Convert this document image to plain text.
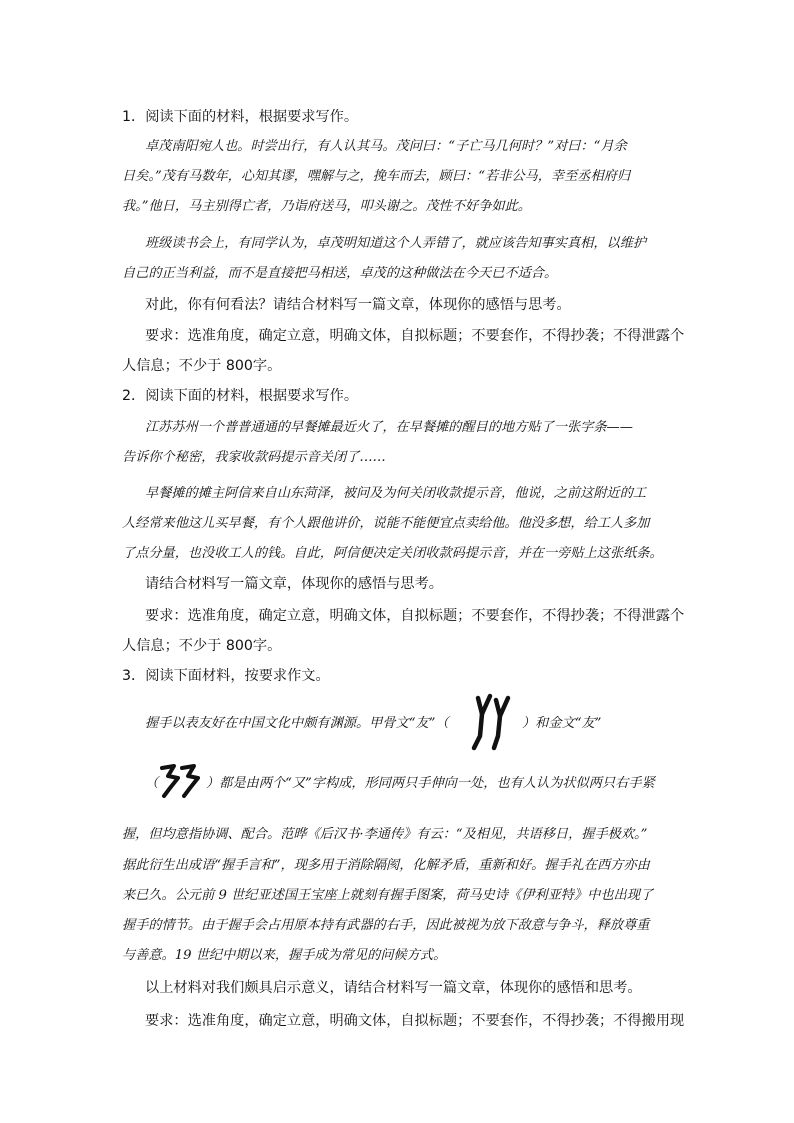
1．阅读下面的材料，根据要求写作。

卓茂南阳宛人也。时尝出行，有人认其马。茂问曰：“子亡马几何时？”对曰：“月余

日矣。”茂有马数年，心知其谬，嘿解与之，挽车而去，顾曰：“若非公马，幸至丞相府归

我。”他日，马主别得亡者，乃诣府送马，叩头谢之。茂性不好争如此。

班级读书会上，有同学认为，卓茂明知道这个人弄错了，就应该告知事实真相，以维护

自己的正当利益，而不是直接把马相送，卓茂的这种做法在今天已不适合。

对此，你有何看法？请结合材料写一篇文章，体现你的感悟与思考。

要求：选准角度，确定立意，明确文体，自拟标题；不要套作，不得抄袭；不得泄露个

人信息；不少于 800字。

2．阅读下面的材料，根据要求写作。

江苏苏州一个普普通通的早餐摊最近火了，在早餐摊的醒目的地方贴了一张字条——

告诉你个秘密，我家收款码提示音关闭了……

早餐摊的摊主阿信来自山东菏泽，被问及为何关闭收款提示音，他说，之前这附近的工

人经常来他这儿买早餐，有个人跟他讲价，说能不能便宜点卖给他。他没多想，给工人多加

了点分量，也没收工人的钱。自此，阿信便决定关闭收款码提示音，并在一旁贴上这张纸条。

请结合材料写一篇文章，体现你的感悟与思考。

要求：选准角度，确定立意，明确文体，自拟标题；不要套作，不得抄袭；不得泄露个

人信息；不少于 800字。

3．阅读下面材料，按要求作文。

握手以表友好在中国文化中颇有渊源。甲骨文“友”（	）和金文“友”

（	）都是由两个“又”字构成，形同两只手伸向一处，也有人认为状似两只右手紧

握，但均意指协调、配合。范晔《后汉书·李通传》有云：“及相见，共语移日，握手极欢。”

据此衍生出成语“握手言和”，现多用于消除隔阂，化解矛盾，重新和好。握手礼在西方亦由

来已久。公元前 9 世纪亚述国王宝座上就刻有握手图案，荷马史诗《伊利亚特》中也出现了

握手的情节。由于握手会占用原本持有武器的右手，因此被视为放下敌意与争斗，释放尊重

与善意。19 世纪中期以来，握手成为常见的问候方式。

以上材料对我们颇具启示意义，请结合材料写一篇文章，体现你的感悟和思考。

要求：选准角度，确定立意，明确文体，自拟标题；不要套作，不得抄袭；不得搬用现
